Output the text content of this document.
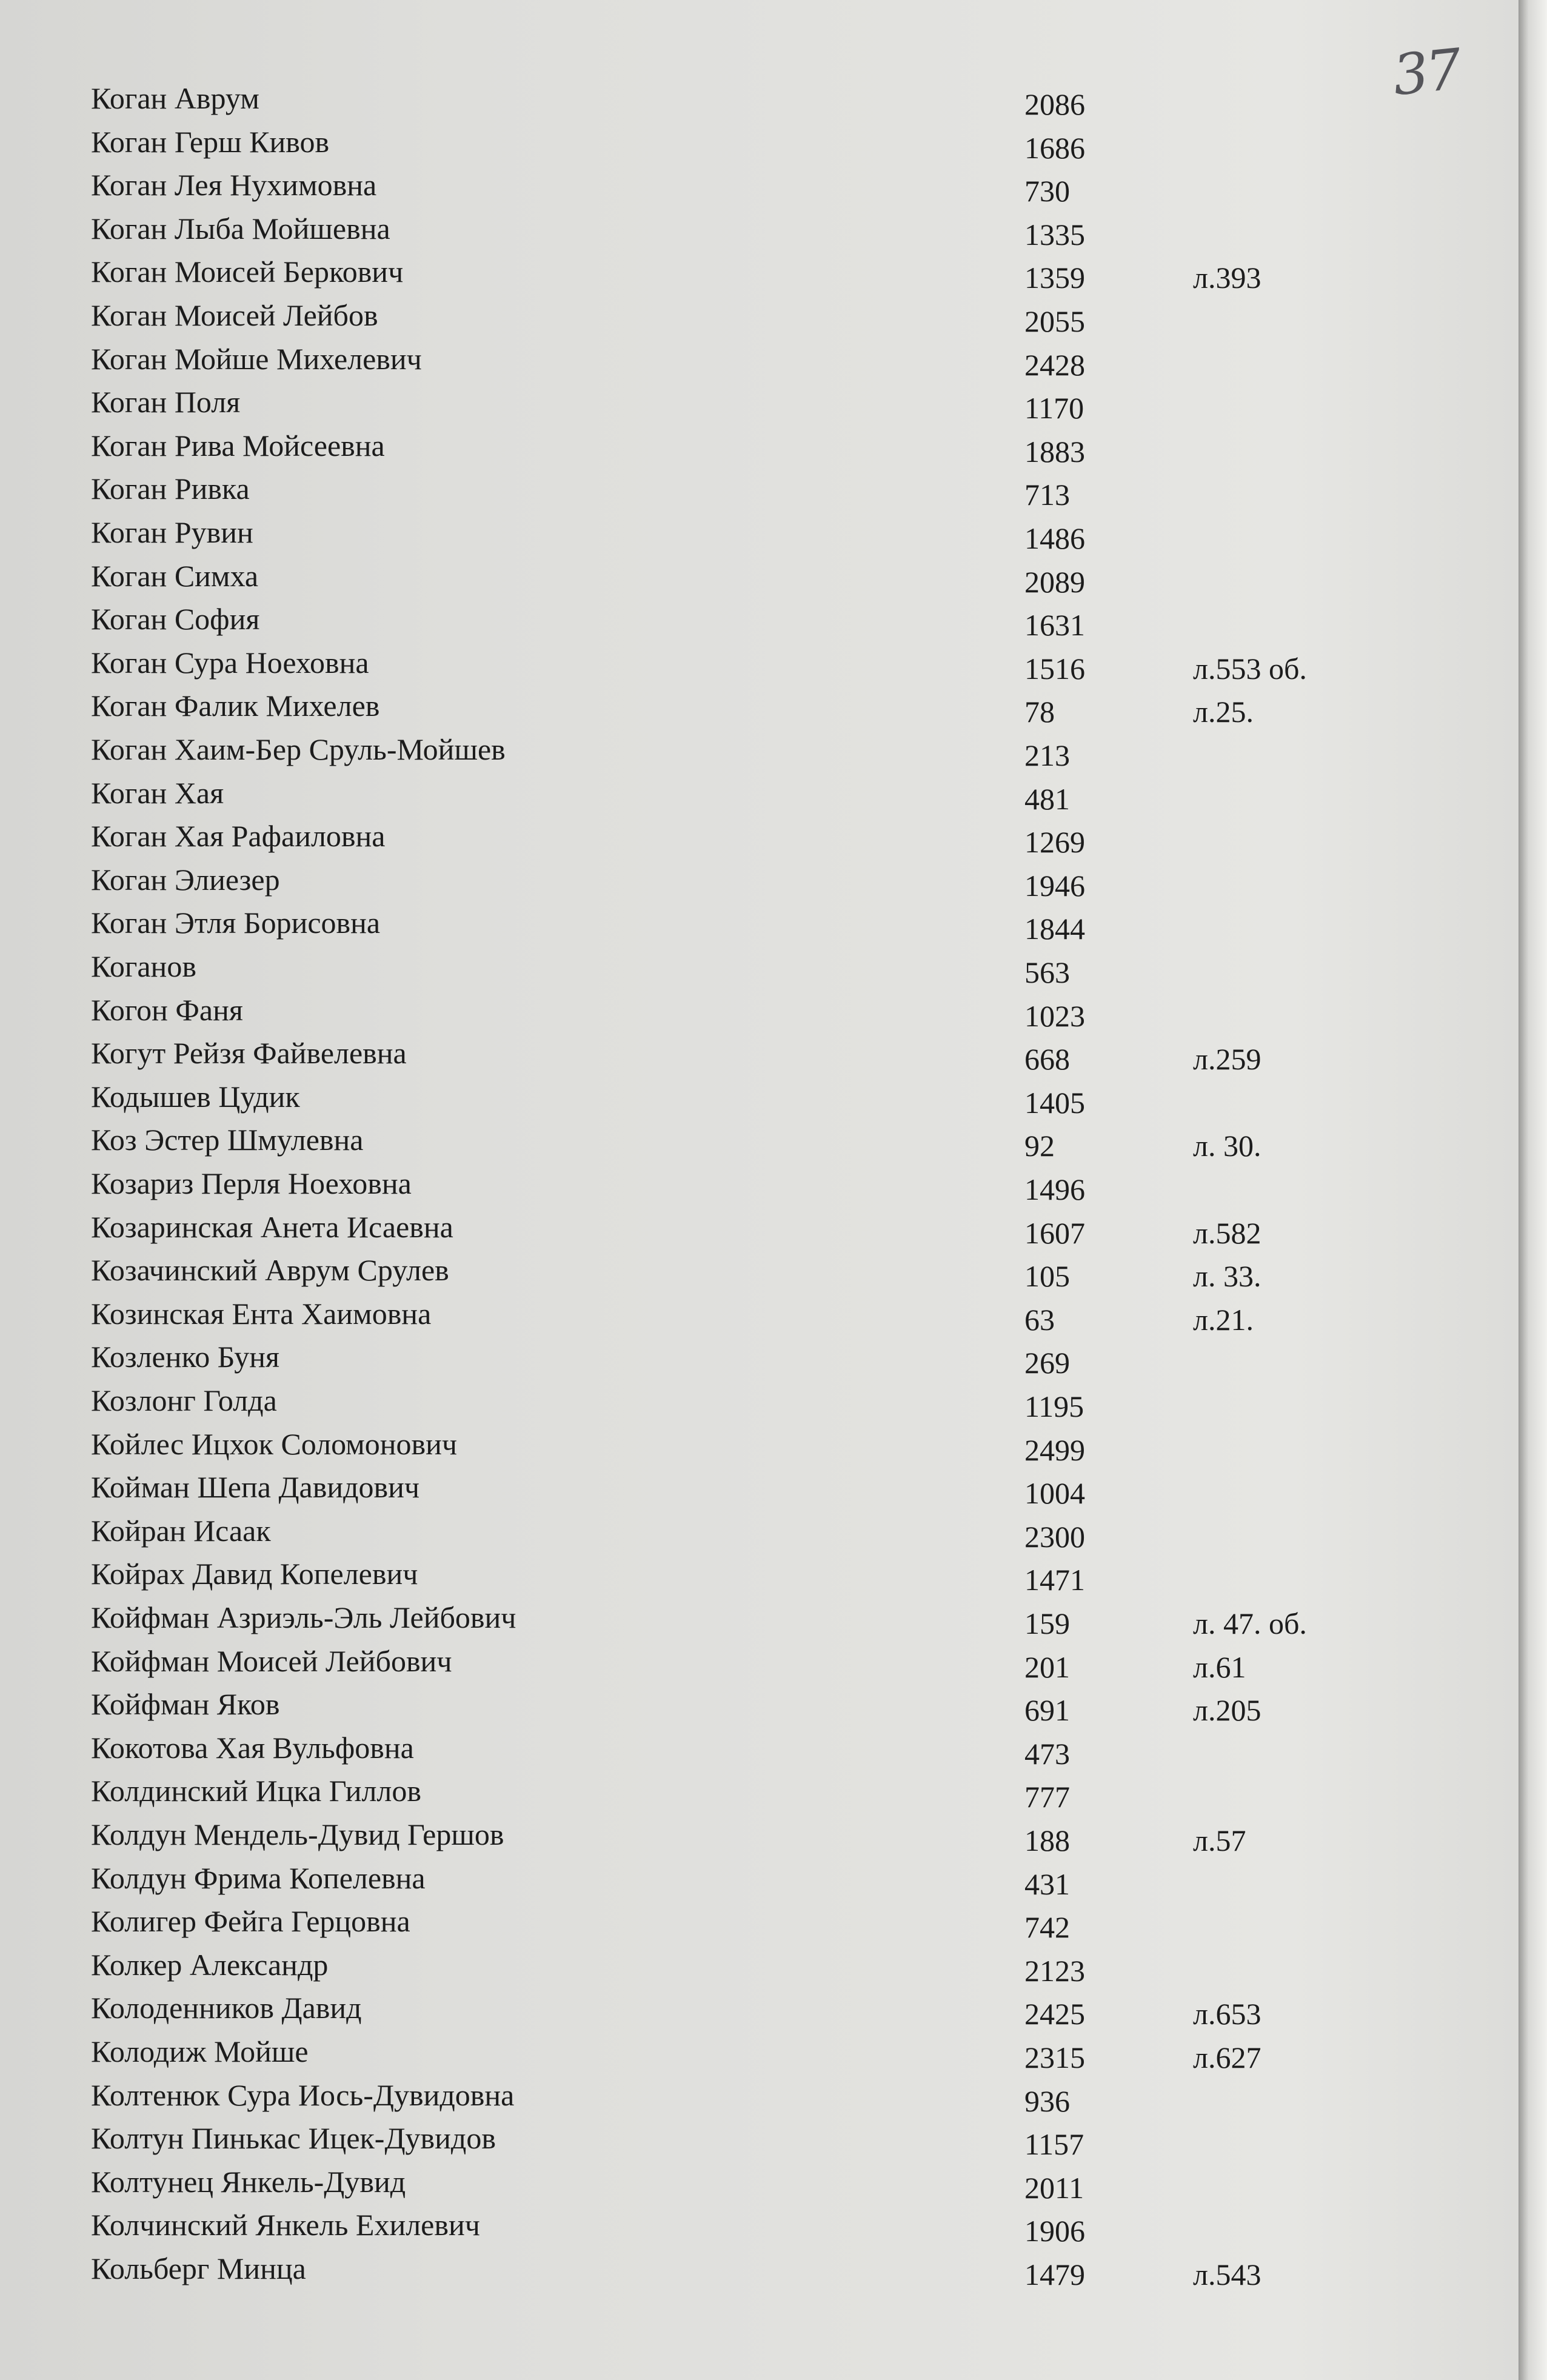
37
Коган Аврум	2086
Коган Герш Кивов	1686
Коган Лея Нухимовна	730
Коган Лыба Мойшевна	1335
Коган Моисей Беркович	1359	л.393
Коган Моисей Лейбов	2055
Коган Мойше Михелевич	2428
Коган Поля	1170
Коган Рива Мойсеевна	1883
Коган Ривка	713
Коган Рувин	1486
Коган Симха	2089
Коган София	1631
Коган Сура Ноеховна	1516	л.553 об.
Коган Фалик Михелев	78	л.25.
Коган Хаим-Бер Сруль-Мойшев	213
Коган Хая	481
Коган Хая Рафаиловна	1269
Коган Элиезер	1946
Коган Этля Борисовна	1844
Коганов	563
Когон Фаня	1023
Когут Рейзя Файвелевна	668	л.259
Кодышев Цудик	1405
Коз Эстер Шмулевна	92	л. 30.
Козариз Перля Ноеховна	1496
Козаринская Анета Исаевна	1607	л.582
Козачинский Аврум Срулев	105	л. 33.
Козинская Ента Хаимовна	63	л.21.
Козленко Буня	269
Козлонг Голда	1195
Койлес Ицхок Соломонович	2499
Койман Шепа Давидович	1004
Койран Исаак	2300
Койрах Давид Копелевич	1471
Койфман Азриэль-Эль Лейбович	159	л. 47. об.
Койфман Моисей Лейбович	201	л.61
Койфман Яков	691	л.205
Кокотова Хая Вульфовна	473
Колдинский Ицка Гиллов	777
Колдун Мендель-Дувид Гершов	188	л.57
Колдун Фрима Копелевна	431
Колигер Фейга Герцовна	742
Колкер Александр	2123
Колоденников Давид	2425	л.653
Колодиж Мойше	2315	л.627
Колтенюк Сура Иось-Дувидовна	936
Колтун Пинькас Ицек-Дувидов	1157
Колтунец Янкель-Дувид	2011
Колчинский Янкель Ехилевич	1906
Кольберг Минца	1479	л.543
